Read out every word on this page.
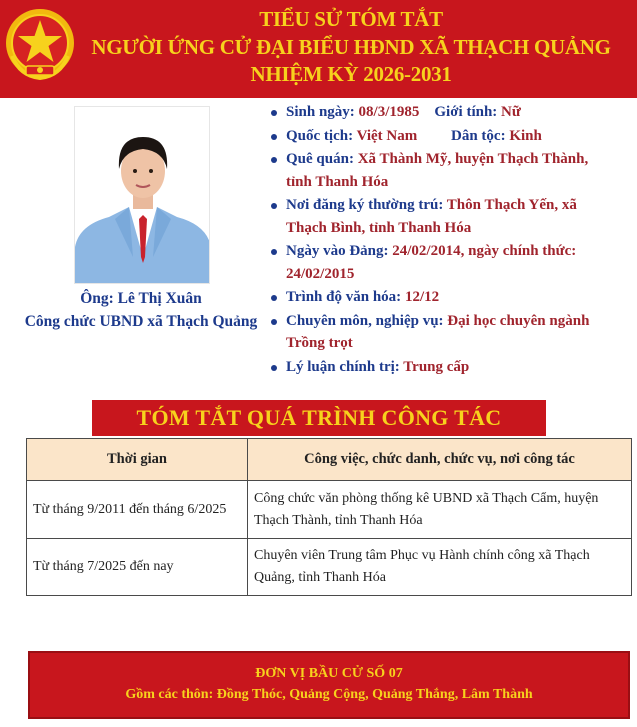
TIỂU SỬ TÓM TẮT
NGƯỜI ỨNG CỬ ĐẠI BIỂU HĐND XÃ THẠCH QUẢNG
NHIỆM KỲ 2026-2031
Ông: Lê Thị Xuân
Công chức UBND xã Thạch Quảng
Sinh ngày: 08/3/1985 Giới tính: Nữ
Quốc tịch: Việt Nam Dân tộc: Kinh
Quê quán: Xã Thành Mỹ, huyện Thạch Thành,
tỉnh Thanh Hóa
Nơi đăng ký thường trú: Thôn Thạch Yến, xã
Thạch Bình, tỉnh Thanh Hóa
Ngày vào Đảng: 24/02/2014, ngày chính thức:
24/02/2015
Trình độ văn hóa: 12/12
Chuyên môn, nghiệp vụ: Đại học chuyên ngành
Trồng trọt
Lý luận chính trị: Trung cấp
TÓM TẮT QUÁ TRÌNH CÔNG TÁC
Thời gian	Công việc, chức danh, chức vụ, nơi công tác
Từ tháng 9/2011 đến tháng 6/2025	Công chức văn phòng thống kê UBND xã Thạch Cẩm, huyện Thạch Thành, tỉnh Thanh Hóa
Từ tháng 7/2025 đến nay	Chuyên viên Trung tâm Phục vụ Hành chính công xã Thạch Quảng, tỉnh Thanh Hóa
ĐƠN VỊ BẦU CỬ SỐ 07
Gồm các thôn: Đồng Thóc, Quảng Cộng, Quảng Thắng, Lâm Thành
